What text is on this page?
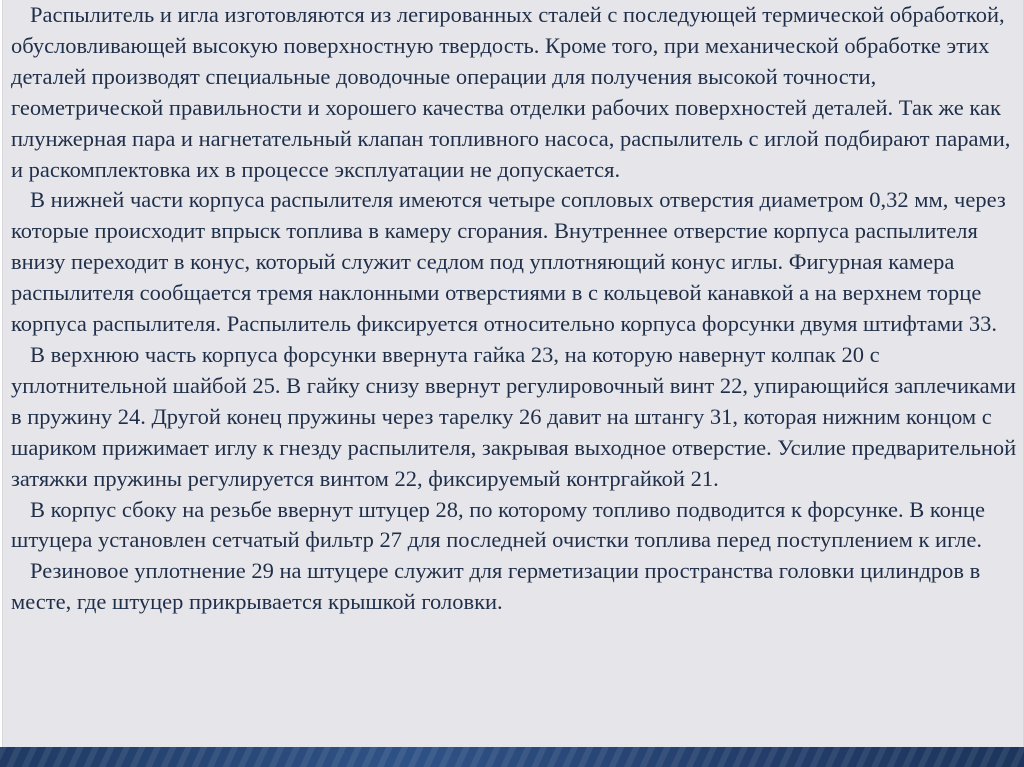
Распылитель и игла изготовляются из легированных сталей с последующей термической обработкой, обусловливающей высокую поверхностную твердость. Кроме того, при механической обработке этих деталей производят специальные доводочные операции для получения высокой точности, геометрической правильности и хорошего качества отделки рабочих поверхностей деталей. Так же как плунжерная пара и нагнетательный клапан топливного насоса, распылитель с иглой подбирают парами, и раскомплектовка их в процессе эксплуатации не допускается.

В нижней части корпуса распылителя имеются четыре сопловых отверстия диаметром 0,32 мм, через которые происходит впрыск топлива в камеру сгорания. Внутреннее отверстие корпуса распылителя внизу переходит в конус, который служит седлом под уплотняющий конус иглы. Фигурная камера распылителя сообщается тремя наклонными отверстиями в с кольцевой канавкой а на верхнем торце корпуса распылителя. Распылитель фиксируется относительно корпуса форсунки двумя штифтами 33.

В верхнюю часть корпуса форсунки ввернута гайка 23, на которую навернут колпак 20 с уплотнительной шайбой 25. В гайку снизу ввернут регулировочный винт 22, упирающийся заплечиками в пружину 24. Другой конец пружины через тарелку 26 давит на штангу 31, которая нижним концом с шариком прижимает иглу к гнезду распылителя, закрывая выходное отверстие. Усилие предварительной затяжки пружины регулируется винтом 22, фиксируемый контргайкой 21.

В корпус сбоку на резьбе ввернут штуцер 28, по которому топливо подводится к форсунке. В конце штуцера установлен сетчатый фильтр 27 для последней очистки топлива перед поступлением к игле.

Резиновое уплотнение 29 на штуцере служит для герметизации пространства головки цилиндров в месте, где штуцер прикрывается крышкой головки.
